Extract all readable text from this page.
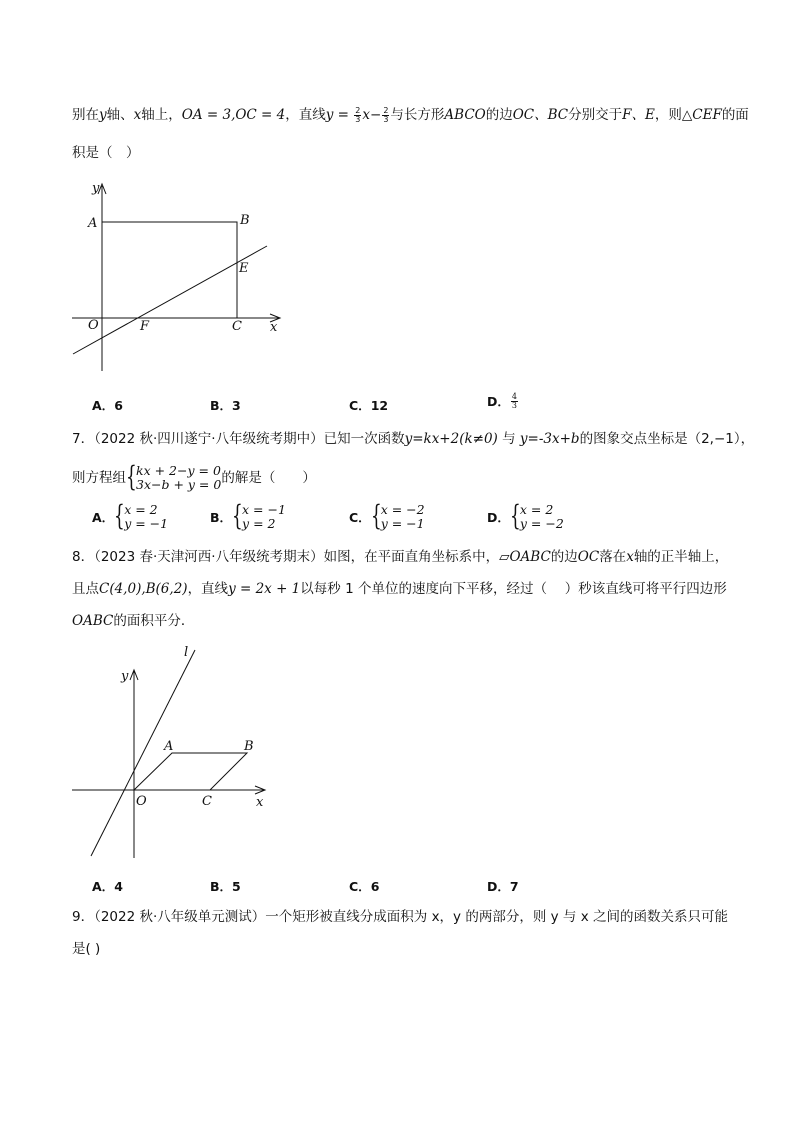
别在y轴、x轴上，OA = 3,OC = 4，直线$y = \frac{2}{3} x- \frac{2}{3}$ 与长方形ABCO的边OC、BC分别交于F、E，则△CEF的面
积是（　）
y
A	B
E
O	F	C x
A．6	B．3	C．12	D． $\frac{4}{3}$
7．（2022 秋·四川遂宁·八年级统考期中）已知一次函数y=kx+2(k≠0) 与 y=-3x+b的图象交点坐标是（2,−1），
则方程组 { kx + 2−y = 0
3x−b + y = 0 的解是（　　）
A． { x = 2
y = −1	B． { x = −1
y = 2	C． { x = −2
y = −1	D． { x = 2
y = −2
8．（2023 春·天津河西·八年级统考期末）如图，在平面直角坐标系中，▱OABC的边OC落在x轴的正半轴上，
且点C(4,0),B(6,2)，直线y = 2x + 1以每秒 1 个单位的速度向下平移，经过（　 ）秒该直线可将平行四边形
OABC的面积平分．
l
y
A	B
O	C	x
A．4	B．5	C．6	D．7
9．（2022 秋·八年级单元测试）一个矩形被直线分成面积为 x，y 的两部分，则 y 与 x 之间的函数关系只可能
是( )
